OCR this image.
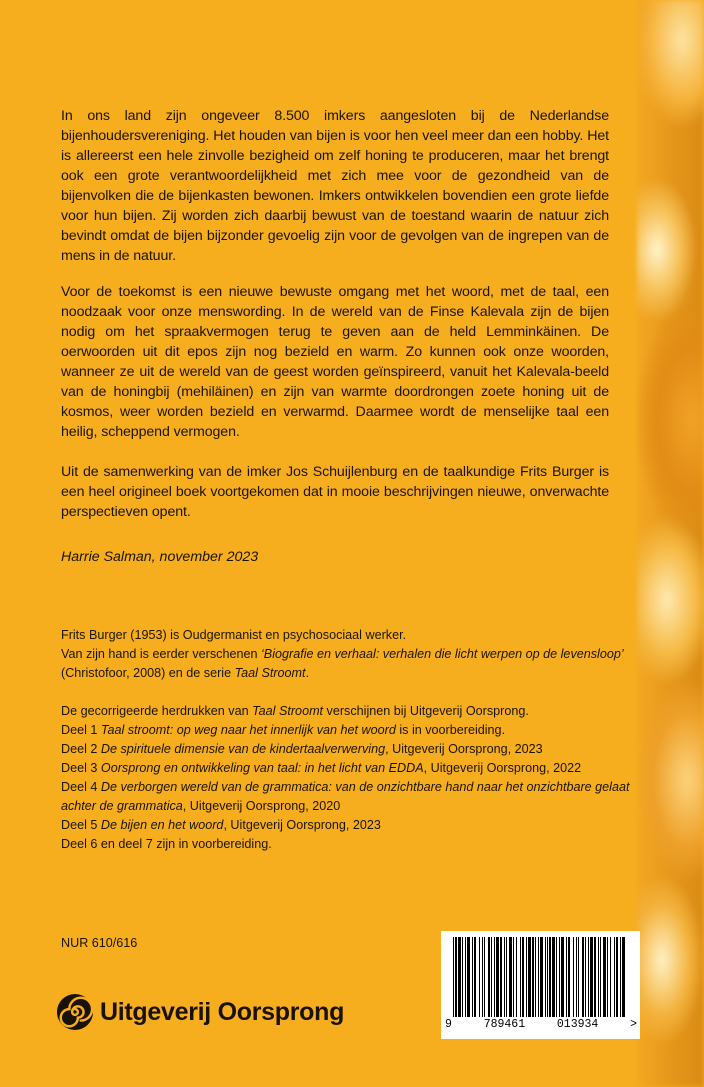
In ons land zijn ongeveer 8.500 imkers aangesloten bij de Nederlandse bijenhoudersvereniging. Het houden van bijen is voor hen veel meer dan een hobby. Het is allereerst een hele zinvolle bezigheid om zelf honing te produceren, maar het brengt ook een grote verantwoordelijkheid met zich mee voor de gezondheid van de bijenvolken die de bijenkasten bewonen. Imkers ontwikkelen bovendien een grote liefde voor hun bijen. Zij worden zich daarbij bewust van de toestand waarin de natuur zich bevindt omdat de bijen bijzonder gevoelig zijn voor de gevolgen van de ingrepen van de mens in de natuur.

Voor de toekomst is een nieuwe bewuste omgang met het woord, met de taal, een noodzaak voor onze menswording. In de wereld van de Finse Kalevala zijn de bijen nodig om het spraakvermogen terug te geven aan de held Lemminkäinen. De oerwoorden uit dit epos zijn nog bezield en warm. Zo kunnen ook onze woorden, wanneer ze uit de wereld van de geest worden geïnspireerd, vanuit het Kalevala-beeld van de honingbij (mehiläinen) en zijn van warmte doordrongen zoete honing uit de kosmos, weer worden bezield en verwarmd. Daarmee wordt de menselijke taal een heilig, scheppend vermogen.

Uit de samenwerking van de imker Jos Schuijlenburg en de taalkundige Frits Burger is een heel origineel boek voortgekomen dat in mooie beschrijvingen nieuwe, onverwachte perspectieven opent.

Harrie Salman, november 2023
Frits Burger (1953) is Oudgermanist en psychosociaal werker.
Van zijn hand is eerder verschenen ‘Biografie en verhaal: verhalen die licht werpen op de levensloop’
(Christofoor, 2008) en de serie Taal Stroomt.
De gecorrigeerde herdrukken van Taal Stroomt verschijnen bij Uitgeverij Oorsprong.
Deel 1 Taal stroomt: op weg naar het innerlijk van het woord is in voorbereiding.
Deel 2 De spirituele dimensie van de kindertaalverwerving, Uitgeverij Oorsprong, 2023
Deel 3 Oorsprong en ontwikkeling van taal: in het licht van EDDA, Uitgeverij Oorsprong, 2022
Deel 4 De verborgen wereld van de grammatica: van de onzichtbare hand naar het onzichtbare gelaat
achter de grammatica, Uitgeverij Oorsprong, 2020
Deel 5 De bijen en het woord, Uitgeverij Oorsprong, 2023
Deel 6 en deel 7 zijn in voorbereiding.
NUR 610/616
Uitgeverij Oorsprong	9	789461	013934	>
